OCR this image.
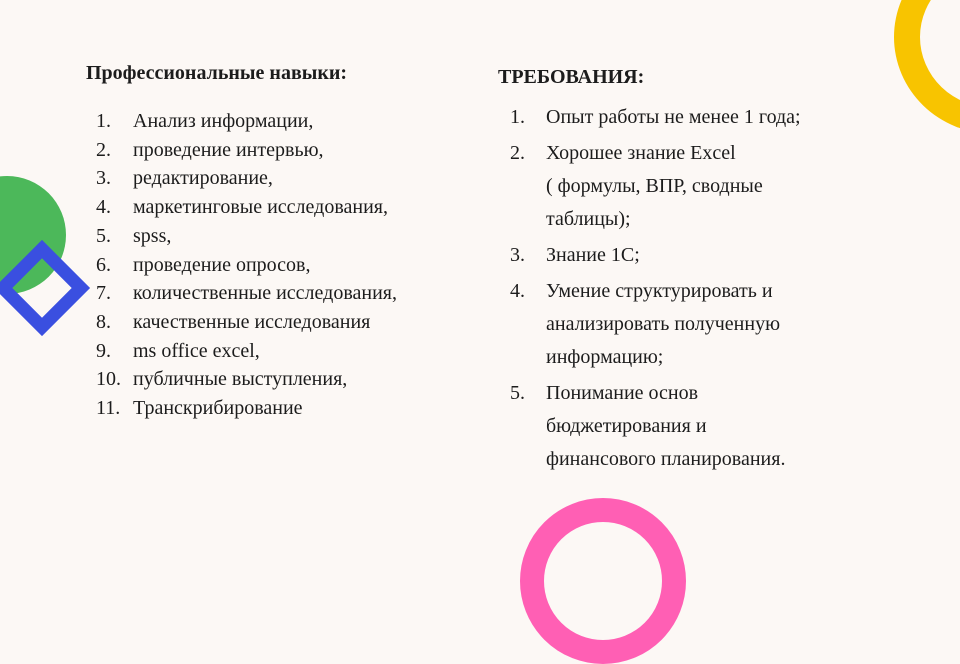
Профессиональные навыки:
1.	Анализ информации,
2.	проведение интервью,
3.	редактирование,
4.	маркетинговые исследования,
5.	spss,
6.	проведение опросов,
7.	количественные исследования,
8.	качественные исследования
9.	ms office excel,
10. публичные выступления,
11. Транскрибирование
ТРЕБОВАНИЯ:
1.	Опыт работы не менее 1 года;
2.	Хорошее знание Excel
( формулы, ВПР, сводные
таблицы);
3.	Знание 1С;
4.	Умение структурировать и
анализировать полученную
информацию;
5.	Понимание основ
бюджетирования и
финансового планирования.
